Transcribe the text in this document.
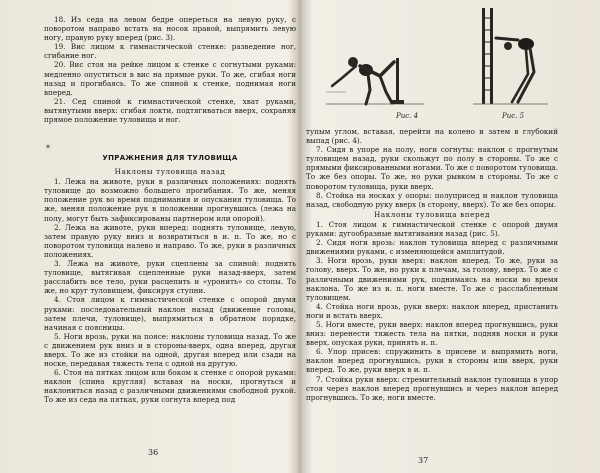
18. Из седа на левом бедре опереться на левую руку, с поворотом направо встать на носок правой, выпрямить левую ногу, правую руку вперед (рис. 3).

19. Вис лицом к гимнастической стенке: разведение ног, сгибание ног.

20. Вис стоя на рейке лицом к стенке с согнутыми руками: медленно опуститься в вис на прямые руки. То же, сгибая ноги назад и прогибаясь. То же спиной к стенке, поднимая ноги вперед.

21. Сед спиной к гимнастической стенке, хват руками, вытянутыми вверх: сгибая локти, подтягиваться вверх, сохраняя прямое положение туловища и ног.

*
УПРАЖНЕНИЯ ДЛЯ ТУЛОВИЩА
Наклоны туловища назад

1. Лежа на животе, руки в различных положениях: поднять туловище до возможно большего прогибания. То же, меняя положение рук во время поднимания и опускания туловища. То же, меняя положение рук в положении прогнувшись (лежа на полу, могут быть зафиксированы партнером или опорой).

2. Лежа на животе, руки вперед: поднять туловище, левую, затем правую руку вниз и возвратиться в и. п. То же, но с поворотом туловища налево и направо. То же, руки в различных положениях.

3. Лежа на животе, руки сцеплены за спиной: поднять туловище, вытягивая сцепленные руки назад-вверх, затем расслабить все тело, руки расцепить и «уронить» со стопы. То же, но круг туловищем, фиксируя ступни.

4. Стоя лицом к гимнастической стенке с опорой двумя руками: последовательный наклон назад (движение головы, затем плечи, туловище), выпрямиться в обратном порядке, начиная с поясницы.

5. Ноги врозь, руки на поясе: наклоны туловища назад. То же с движением рук вниз и в стороны-вверх, одна вперед, другая вверх. То же из стойки на одной, другая вперед или сзади на носке, передавая тяжесть тела с одной на другую.

6. Стоя на пятках лицом или боком к стенке с опорой руками: наклон (спина кругляя) вставая на носки, прогнуться и наклониться назад с различными движениями свободной рукой. То же из седа на пятках, руки согнута вперед под

36
Рис. 4	Рис. 5

тупым углом, вставая, перейти на колено и затем в глубокий выпад (рис. 4).

7. Сидя в упоре на полу, ноги согнуты: наклон с прогнутым туловищем назад, руки скольжут по полу в стороны. То же с прямыми фиксированными ногами. То же с поворотом туловища. То же без опоры. То же, но руки рывком в стороны. То же с поворотом туловища, руки вверх.

8. Стойка на носках у опоры: полуприсед и наклон туловища назад, свободную руку вверх (в сторону, вверх). То же без опоры.

Наклоны туловища вперед

1. Стоя лицом к гимнастической стенке с опорой двумя руками: дугообразные вытягивания назад (рис. 5).

2. Сидя ноги врозь: наклон туловища вперед с различными движениями руками, с изменяющейся амплитудой.

3. Ноги врозь, руки вверх: наклон вперед. То же, руки за голову, вверх. То же, но руки к плечам, за голову, вверх. То же с различными движениями рук, поднимаясь на носки во время наклона. То же из и. п. ноги вместе. То же с расслабленным туловищем.

4. Стойка ноги врозь, руки вверх: наклон вперед, пристанить ноги и встать вверх.

5. Ноги вместе, руки вверх: наклон вперед прогнувшись, руки вниз: перенести тяжесть тела на пятки, подняв носки и руки вверх, опуская руки, принять и. п.

6. Упор присев: спружинить в присеве и выпрямить ноги, наклон вперед прогнувшись, руки в стороны или вверх, руки вперед. То же, руки вверх в и. п.

7. Стойка руки вверх: стремительный наклон туловища в упор стоя через наклон вперед прогнувшись и через наклон вперед прогнувшись. То же, ноги вместе.

37
